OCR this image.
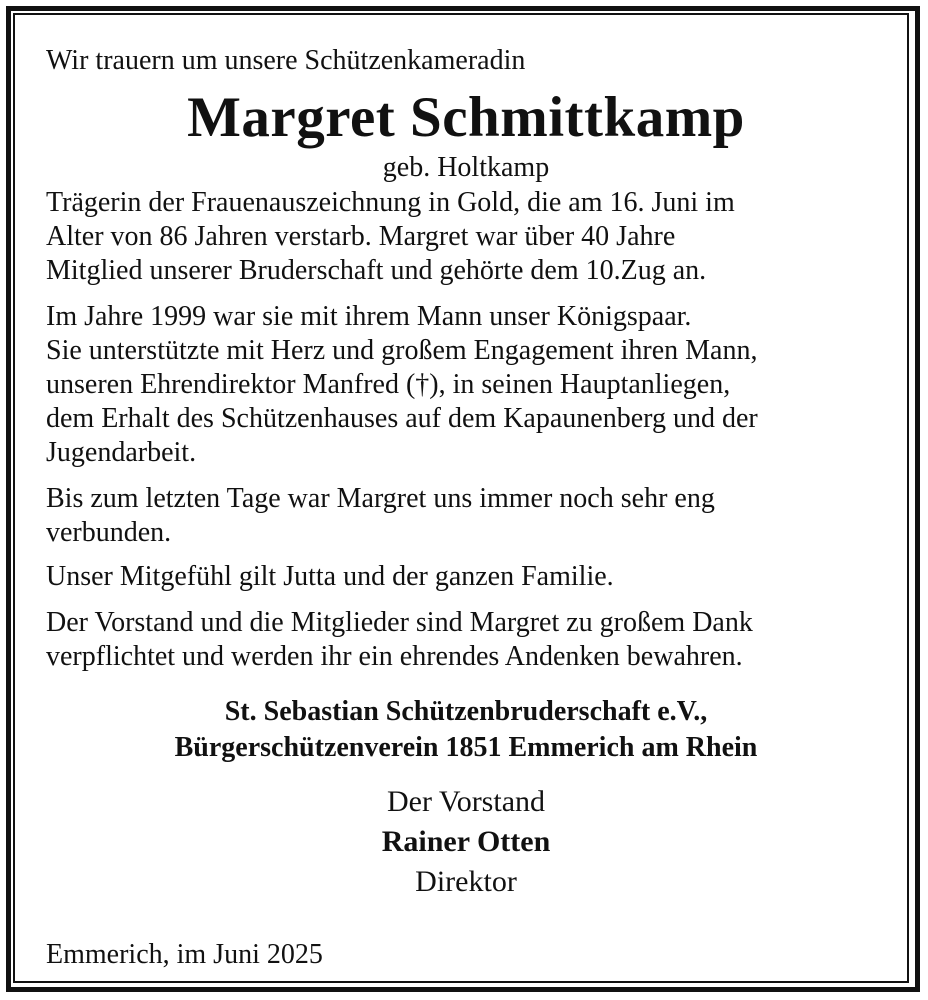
Wir trauern um unsere Schützenkameradin

Margret Schmittkamp

geb. Holtkamp

Trägerin der Frauenauszeichnung in Gold, die am 16. Juni im
Alter von 86 Jahren verstarb. Margret war über 40 Jahre
Mitglied unserer Bruderschaft und gehörte dem 10.Zug an.

Im Jahre 1999 war sie mit ihrem Mann unser Königspaar.
Sie unterstützte mit Herz und großem Engagement ihren Mann,
unseren Ehrendirektor Manfred (†), in seinen Hauptanliegen,
dem Erhalt des Schützenhauses auf dem Kapaunenberg und der
Jugendarbeit.

Bis zum letzten Tage war Margret uns immer noch sehr eng
verbunden.

Unser Mitgefühl gilt Jutta und der ganzen Familie.

Der Vorstand und die Mitglieder sind Margret zu großem Dank
verpflichtet und werden ihr ein ehrendes Andenken bewahren.

St. Sebastian Schützenbruderschaft e.V.,
Bürgerschützenverein 1851 Emmerich am Rhein

Der Vorstand

Rainer Otten

Direktor

Emmerich, im Juni 2025
